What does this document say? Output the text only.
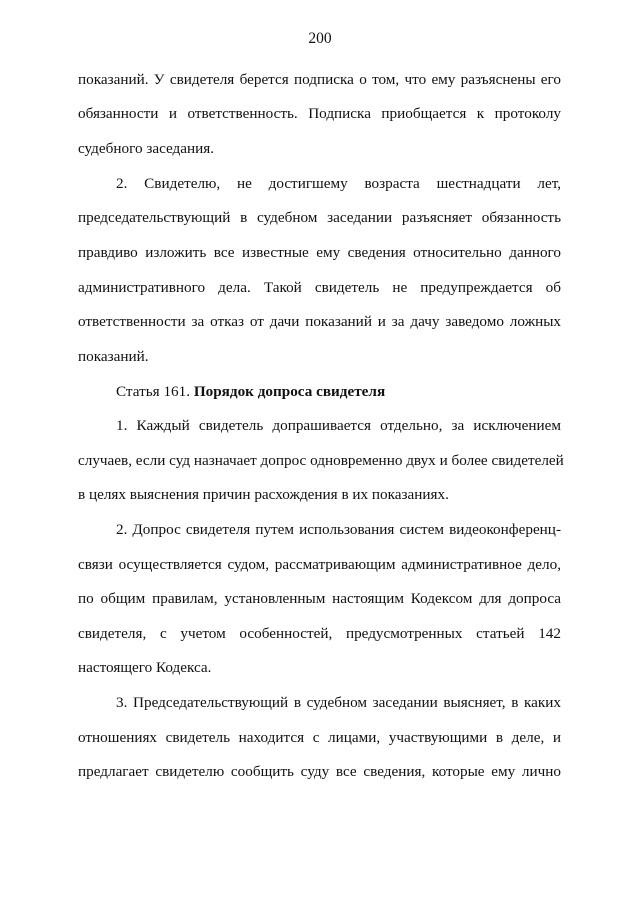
200
показаний. У свидетеля берется подписка о том, что ему разъяснены его
обязанности и ответственность. Подписка приобщается к протоколу
судебного заседания.
2. Свидетелю, не достигшему возраста шестнадцати лет,
председательствующий в судебном заседании разъясняет обязанность
правдиво изложить все известные ему сведения относительно данного
административного дела. Такой свидетель не предупреждается об
ответственности за отказ от дачи показаний и за дачу заведомо ложных
показаний.
Статья 161. Порядок допроса свидетеля
1. Каждый свидетель допрашивается отдельно, за исключением
случаев, если суд назначает допрос одновременно двух и более свидетелей
в целях выяснения причин расхождения в их показаниях.
2. Допрос свидетеля путем использования систем видеоконференц-
связи осуществляется судом, рассматривающим административное дело,
по общим правилам, установленным настоящим Кодексом для допроса
свидетеля, с учетом особенностей, предусмотренных статьей 142
настоящего Кодекса.
3. Председательствующий в судебном заседании выясняет, в каких
отношениях свидетель находится с лицами, участвующими в деле, и
предлагает свидетелю сообщить суду все сведения, которые ему лично
